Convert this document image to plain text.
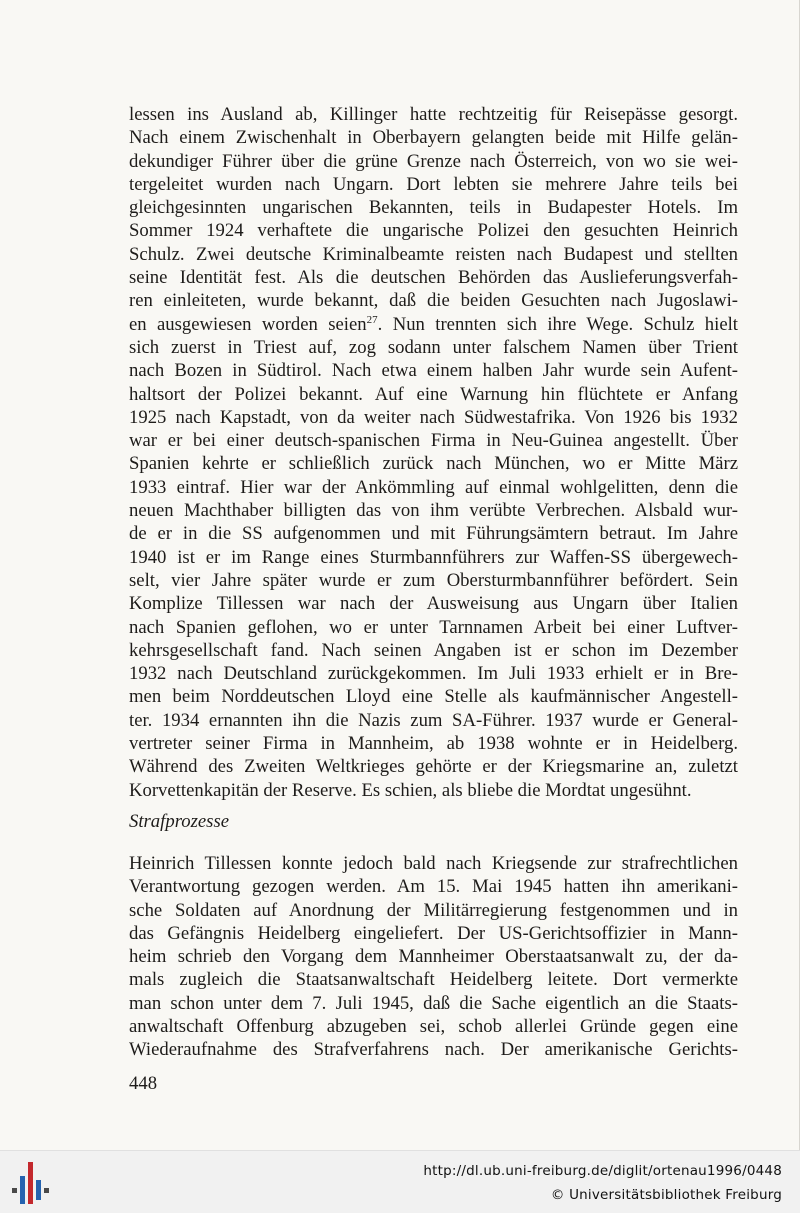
lessen ins Ausland ab, Killinger hatte rechtzeitig für Reisepässe gesorgt.
Nach einem Zwischenhalt in Oberbayern gelangten beide mit Hilfe gelän-
dekundiger Führer über die grüne Grenze nach Österreich, von wo sie wei-
tergeleitet wurden nach Ungarn. Dort lebten sie mehrere Jahre teils bei
gleichgesinnten ungarischen Bekannten, teils in Budapester Hotels. Im
Sommer 1924 verhaftete die ungarische Polizei den gesuchten Heinrich
Schulz. Zwei deutsche Kriminalbeamte reisten nach Budapest und stellten
seine Identität fest. Als die deutschen Behörden das Auslieferungsverfah-
ren einleiteten, wurde bekannt, daß die beiden Gesuchten nach Jugoslawi-
en ausgewiesen worden seien$^{27}$. Nun trennten sich ihre Wege. Schulz hielt
sich zuerst in Triest auf, zog sodann unter falschem Namen über Trient
nach Bozen in Südtirol. Nach etwa einem halben Jahr wurde sein Aufent-
haltsort der Polizei bekannt. Auf eine Warnung hin flüchtete er Anfang
1925 nach Kapstadt, von da weiter nach Südwestafrika. Von 1926 bis 1932
war er bei einer deutsch-spanischen Firma in Neu-Guinea angestellt. Über
Spanien kehrte er schließlich zurück nach München, wo er Mitte März
1933 eintraf. Hier war der Ankömmling auf einmal wohlgelitten, denn die
neuen Machthaber billigten das von ihm verübte Verbrechen. Alsbald wur-
de er in die SS aufgenommen und mit Führungsämtern betraut. Im Jahre
1940 ist er im Range eines Sturmbannführers zur Waffen-SS übergewech-
selt, vier Jahre später wurde er zum Obersturmbannführer befördert. Sein
Komplize Tillessen war nach der Ausweisung aus Ungarn über Italien
nach Spanien geflohen, wo er unter Tarnnamen Arbeit bei einer Luftver-
kehrsgesellschaft fand. Nach seinen Angaben ist er schon im Dezember
1932 nach Deutschland zurückgekommen. Im Juli 1933 erhielt er in Bre-
men beim Norddeutschen Lloyd eine Stelle als kaufmännischer Angestell-
ter. 1934 ernannten ihn die Nazis zum SA-Führer. 1937 wurde er General-
vertreter seiner Firma in Mannheim, ab 1938 wohnte er in Heidelberg.
Während des Zweiten Weltkrieges gehörte er der Kriegsmarine an, zuletzt
Korvettenkapitän der Reserve. Es schien, als bliebe die Mordtat ungesühnt.
Strafprozesse
Heinrich Tillessen konnte jedoch bald nach Kriegsende zur strafrechtlichen
Verantwortung gezogen werden. Am 15. Mai 1945 hatten ihn amerikani-
sche Soldaten auf Anordnung der Militärregierung festgenommen und in
das Gefängnis Heidelberg eingeliefert. Der US-Gerichtsoffizier in Mann-
heim schrieb den Vorgang dem Mannheimer Oberstaatsanwalt zu, der da-
mals zugleich die Staatsanwaltschaft Heidelberg leitete. Dort vermerkte
man schon unter dem 7. Juli 1945, daß die Sache eigentlich an die Staats-
anwaltschaft Offenburg abzugeben sei, schob allerlei Gründe gegen eine
Wiederaufnahme des Strafverfahrens nach. Der amerikanische Gerichts-
448
http://dl.ub.uni-freiburg.de/diglit/ortenau1996/0448
© Universitätsbibliothek Freiburg
